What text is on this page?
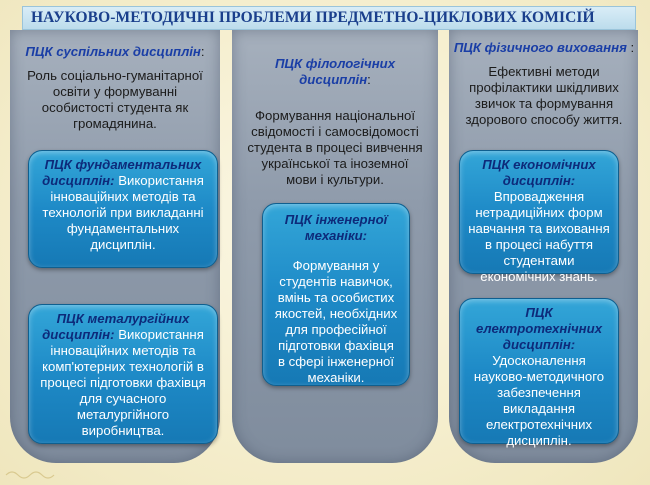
НАУКОВО-МЕТОДИЧНІ ПРОБЛЕМИ ПРЕДМЕТНО-ЦИКЛОВИХ КОМІСІЙ
ПЦК суспільних дисциплін:
Роль соціально-гуманітарної освіти у формуванні особистості студента як громадянина.
ПЦК фундаментальних дисциплін: Використання інноваційних методів та технологій при викладанні фундаментальних дисциплін.
ПЦК металургійних дисциплін: Використання інноваційних методів та комп'ютерних технологій в процесі підготовки фахівця для сучасного металургійного виробництва.
ПЦК філологічних дисциплін:
Формування національної свідомості і самосвідомості студента в процесі вивчення української та іноземної мови і культури.
ПЦК інженерної механіки:
Формування у студентів навичок, вмінь та особистих якостей, необхідних для професійної підготовки фахівця в сфері інженерної механіки.
ПЦК фізичного виховання :
Ефективні методи профілактики шкідливих звичок та формування здорового способу життя.
ПЦК економічних дисциплін:
Впровадження нетрадиційних форм навчання та виховання в процесі набуття студентами економічних знань.
ПЦК електротехнічних дисциплін:
Удосконалення науково-методичного забезпечення викладання електротехнічних дисциплін.
